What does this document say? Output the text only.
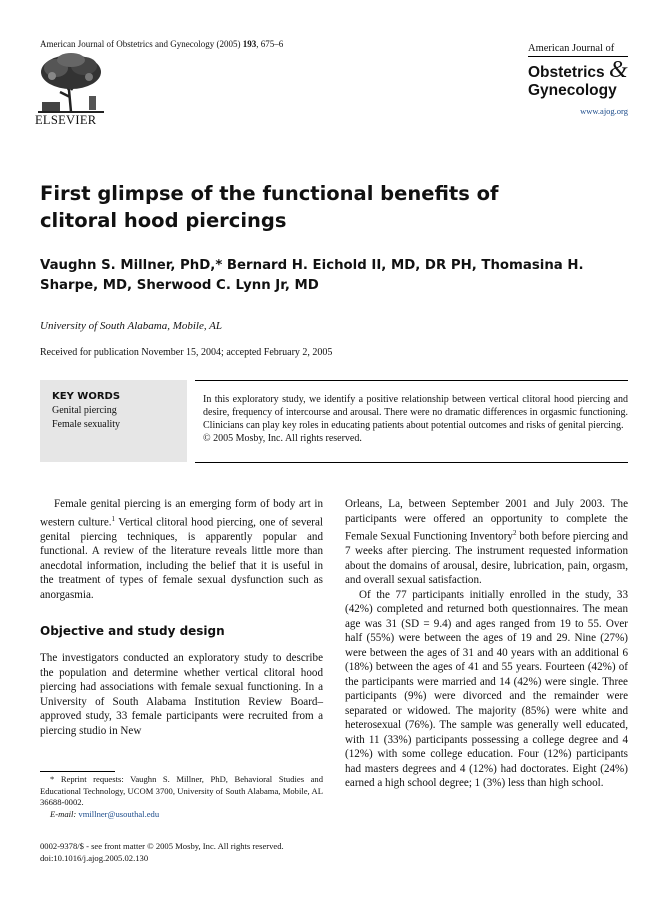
American Journal of Obstetrics and Gynecology (2005) 193, 675–6
ELSEVIER
American Journal of
Obstetrics &
Gynecology
www.ajog.org
First glimpse of the functional benefits of clitoral hood piercings
Vaughn S. Millner, PhD,* Bernard H. Eichold II, MD, DR PH, Thomasina H. Sharpe, MD, Sherwood C. Lynn Jr, MD
University of South Alabama, Mobile, AL
Received for publication November 15, 2004; accepted February 2, 2005
KEY WORDS
Genital piercing
Female sexuality
In this exploratory study, we identify a positive relationship between vertical clitoral hood piercing and desire, frequency of intercourse and arousal. There were no dramatic differences in orgasmic functioning. Clinicians can play key roles in educating patients about potential outcomes and risks of genital piercing.
© 2005 Mosby, Inc. All rights reserved.

Female genital piercing is an emerging form of body art in western culture.$^1$ Vertical clitoral hood piercing, one of several genital piercing techniques, is apparently popular and functional. A review of the literature reveals little more than anecdotal information, including the belief that it is useful in the treatment of types of female sexual dysfunction such as anorgasmia.

Objective and study design

The investigators conducted an exploratory study to describe the population and determine whether vertical clitoral hood piercing had associations with female sexual functioning. In a University of South Alabama Institution Review Board–approved study, 33 female participants were recruited from a piercing studio in New

* Reprint requests: Vaughn S. Millner, PhD, Behavioral Studies and Educational Technology, UCOM 3700, University of South Alabama, Mobile, AL 36688-0002.
E-mail: vmillner@usouthal.edu
0002-9378/$ - see front matter © 2005 Mosby, Inc. All rights reserved.
doi:10.1016/j.ajog.2005.02.130

Orleans, La, between September 2001 and July 2003. The participants were offered an opportunity to complete the Female Sexual Functioning Inventory$^2$ both before piercing and 7 weeks after piercing. The instrument requested information about the domains of arousal, desire, lubrication, pain, orgasm, and overall sexual satisfaction.

Of the 77 participants initially enrolled in the study, 33 (42%) completed and returned both questionnaires. The mean age was 31 (SD = 9.4) and ages ranged from 19 to 55. Over half (55%) were between the ages of 19 and 29. Nine (27%) were between the ages of 31 and 40 years with an additional 6 (18%) between the ages of 41 and 55 years. Fourteen (42%) of the participants were married and 14 (42%) were single. Three participants (9%) were divorced and the remainder were separated or widowed. The majority (85%) were white and heterosexual (76%). The sample was generally well educated, with 11 (33%) participants possessing a college degree and 4 (12%) with some college education. Four (12%) participants had masters degrees and 4 (12%) had doctorates. Eight (24%) earned a high school degree; 1 (3%) less than high school.
